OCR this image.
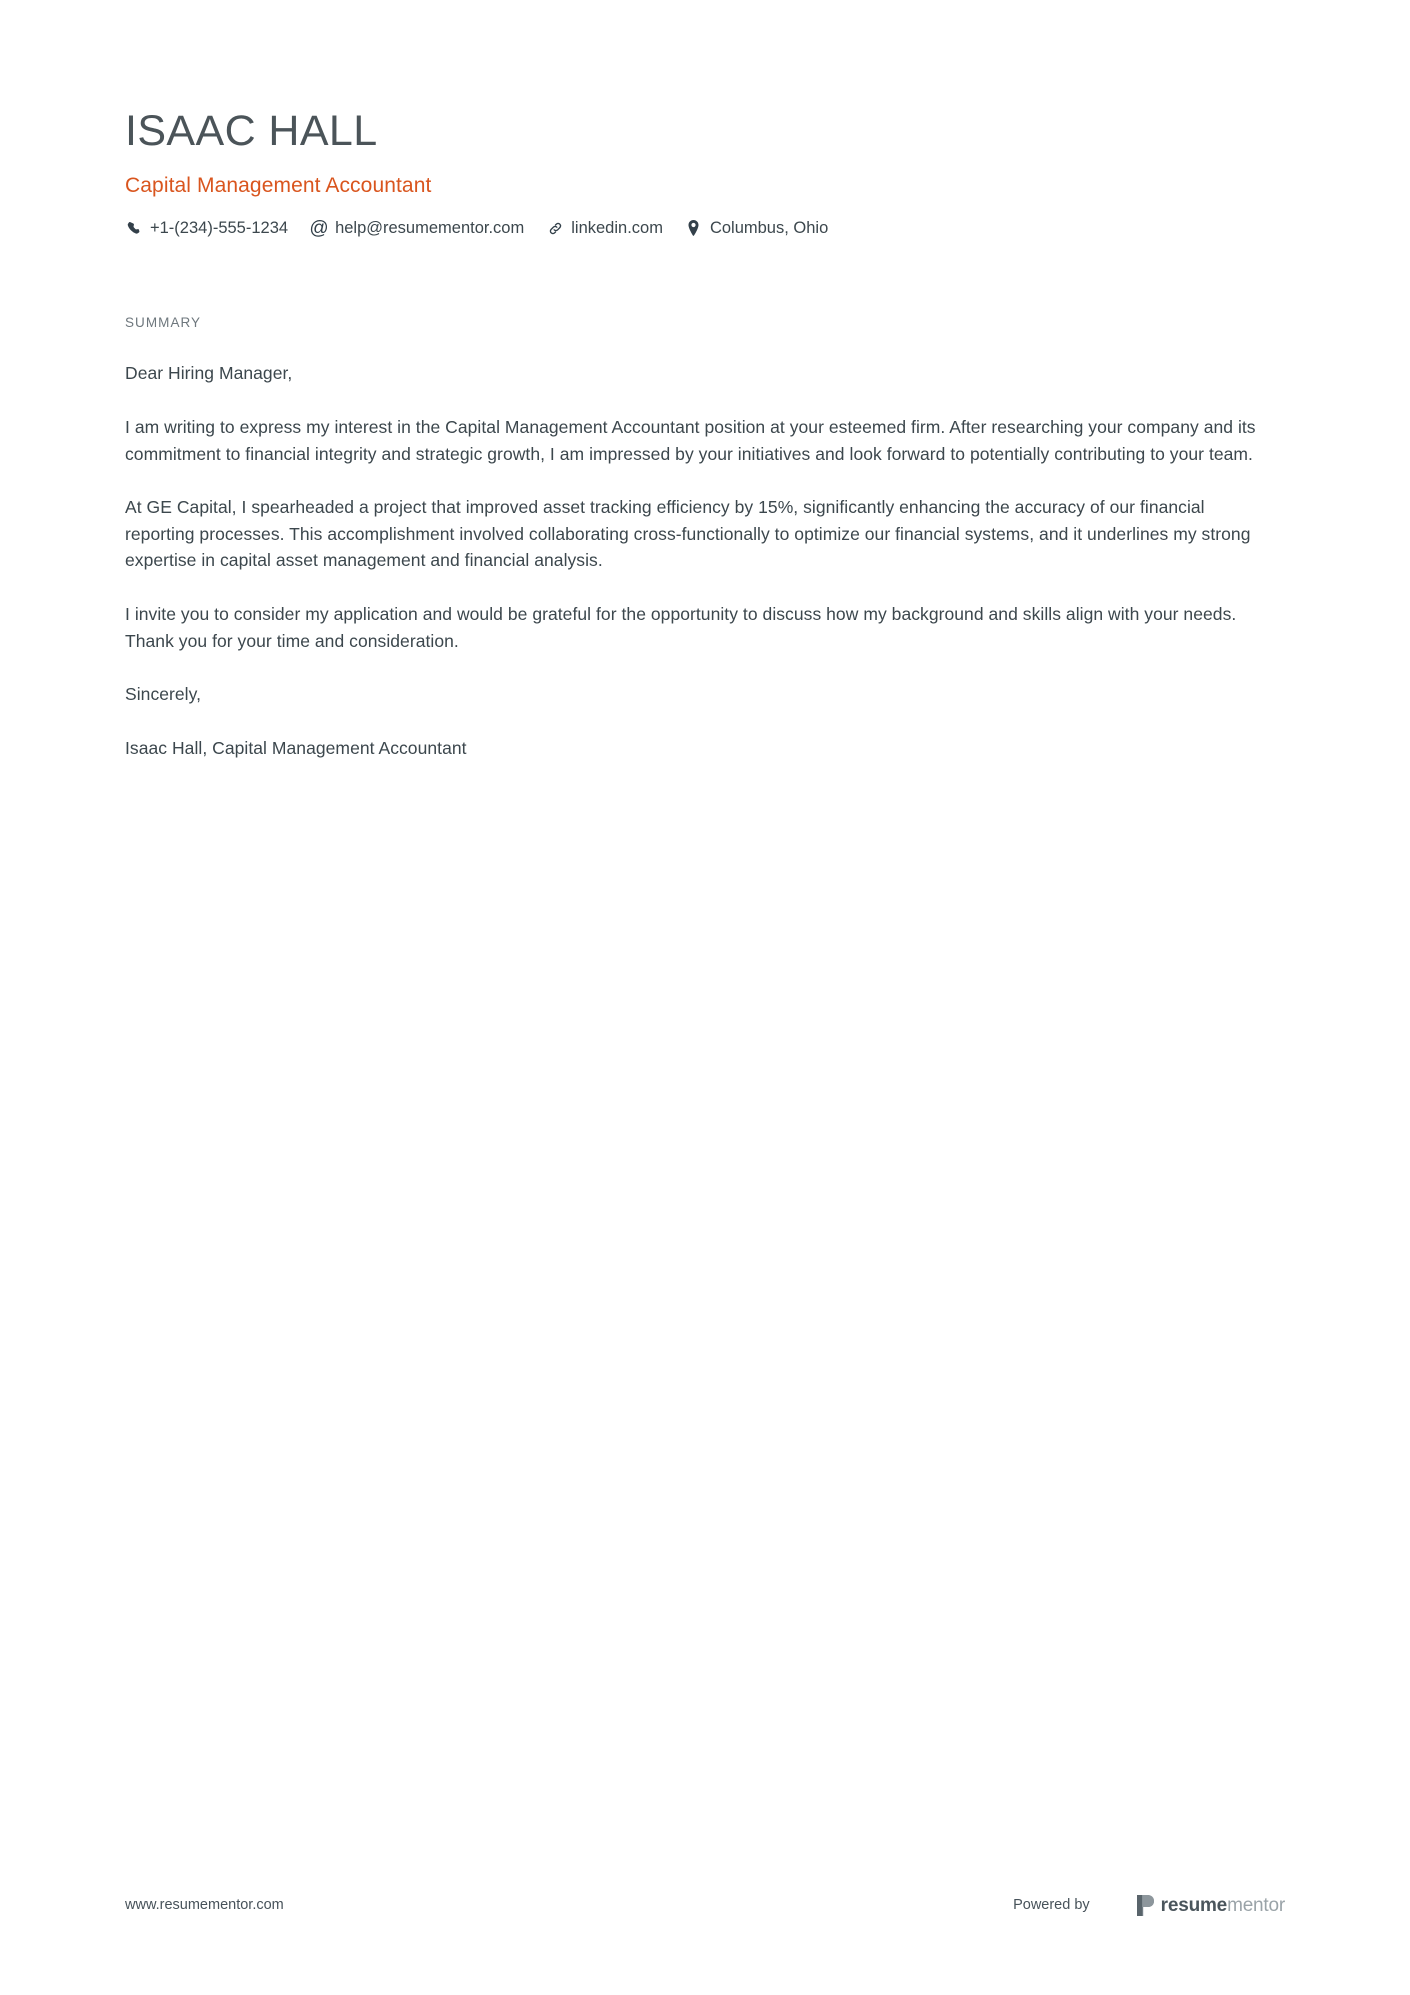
ISAAC HALL
Capital Management Accountant
+1-(234)-555-1234 @ help@resumementor.com	linkedin.com	Columbus, Ohio
SUMMARY

Dear Hiring Manager,

I am writing to express my interest in the Capital Management Accountant position at your esteemed firm. After researching your company and its commitment to financial integrity and strategic growth, I am impressed by your initiatives and look forward to potentially contributing to your team.

At GE Capital, I spearheaded a project that improved asset tracking efficiency by 15%, significantly enhancing the accuracy of our financial reporting processes. This accomplishment involved collaborating cross-functionally to optimize our financial systems, and it underlines my strong expertise in capital asset management and financial analysis.

I invite you to consider my application and would be grateful for the opportunity to discuss how my background and skills align with your needs. Thank you for your time and consideration.

Sincerely,

Isaac Hall, Capital Management Accountant

www.resumementor.com	Powered by	resumementor
